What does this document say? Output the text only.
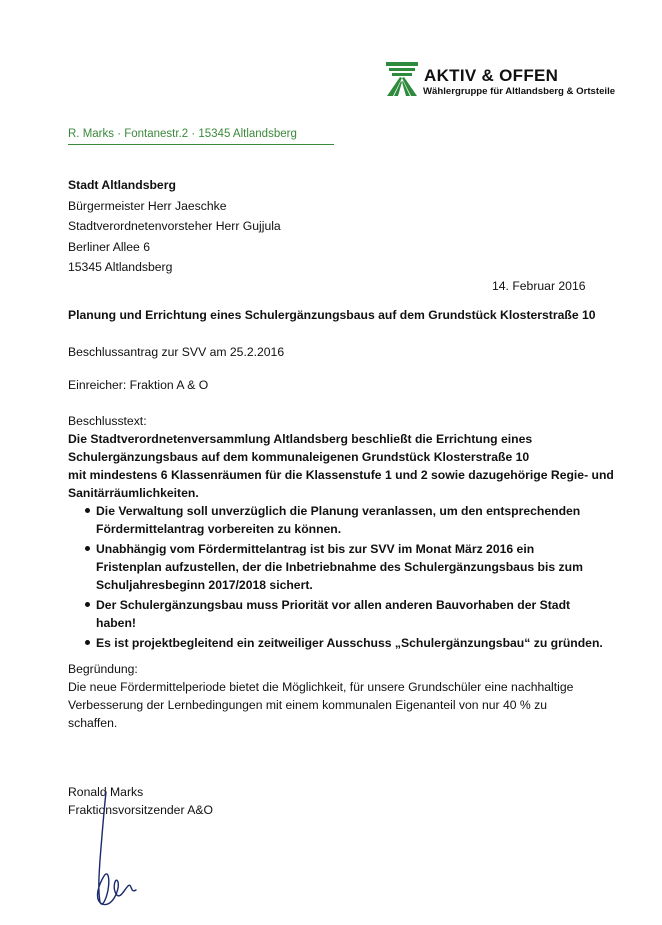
AKTIV & OFFEN
Wählergruppe für Altlandsberg & Ortsteile
R. Marks · Fontanestr.2 · 15345 Altlandsberg
Stadt Altlandsberg
Bürgermeister Herr Jaeschke
Stadtverordnetenvorsteher Herr Gujjula
Berliner Allee 6
15345 Altlandsberg
14. Februar 2016
Planung und Errichtung eines Schulergänzungsbaus auf dem Grundstück Klosterstraße 10
Beschlussantrag zur SVV am 25.2.2016
Einreicher: Fraktion A & O
Beschlusstext:
Die Stadtverordnetenversammlung Altlandsberg beschließt die Errichtung eines
Schulergänzungsbaus auf dem kommunaleigenen Grundstück Klosterstraße 10
mit mindestens 6 Klassenräumen für die Klassenstufe 1 und 2 sowie dazugehörige Regie- und
Sanitärräumlichkeiten.
Die Verwaltung soll unverzüglich die Planung veranlassen, um den entsprechenden
Fördermittelantrag vorbereiten zu können.
Unabhängig vom Fördermittelantrag ist bis zur SVV im Monat März 2016 ein
Fristenplan aufzustellen, der die Inbetriebnahme des Schulergänzungsbaus bis zum
Schuljahresbeginn 2017/2018 sichert.
Der Schulergänzungsbau muss Priorität vor allen anderen Bauvorhaben der Stadt
haben!
Es ist projektbegleitend ein zeitweiliger Ausschuss „Schulergänzungsbau“ zu gründen.
Begründung:
Die neue Fördermittelperiode bietet die Möglichkeit, für unsere Grundschüler eine nachhaltige
Verbesserung der Lernbedingungen mit einem kommunalen Eigenanteil von nur 40 % zu
schaffen.
Ronald Marks
Fraktionsvorsitzender A&O
